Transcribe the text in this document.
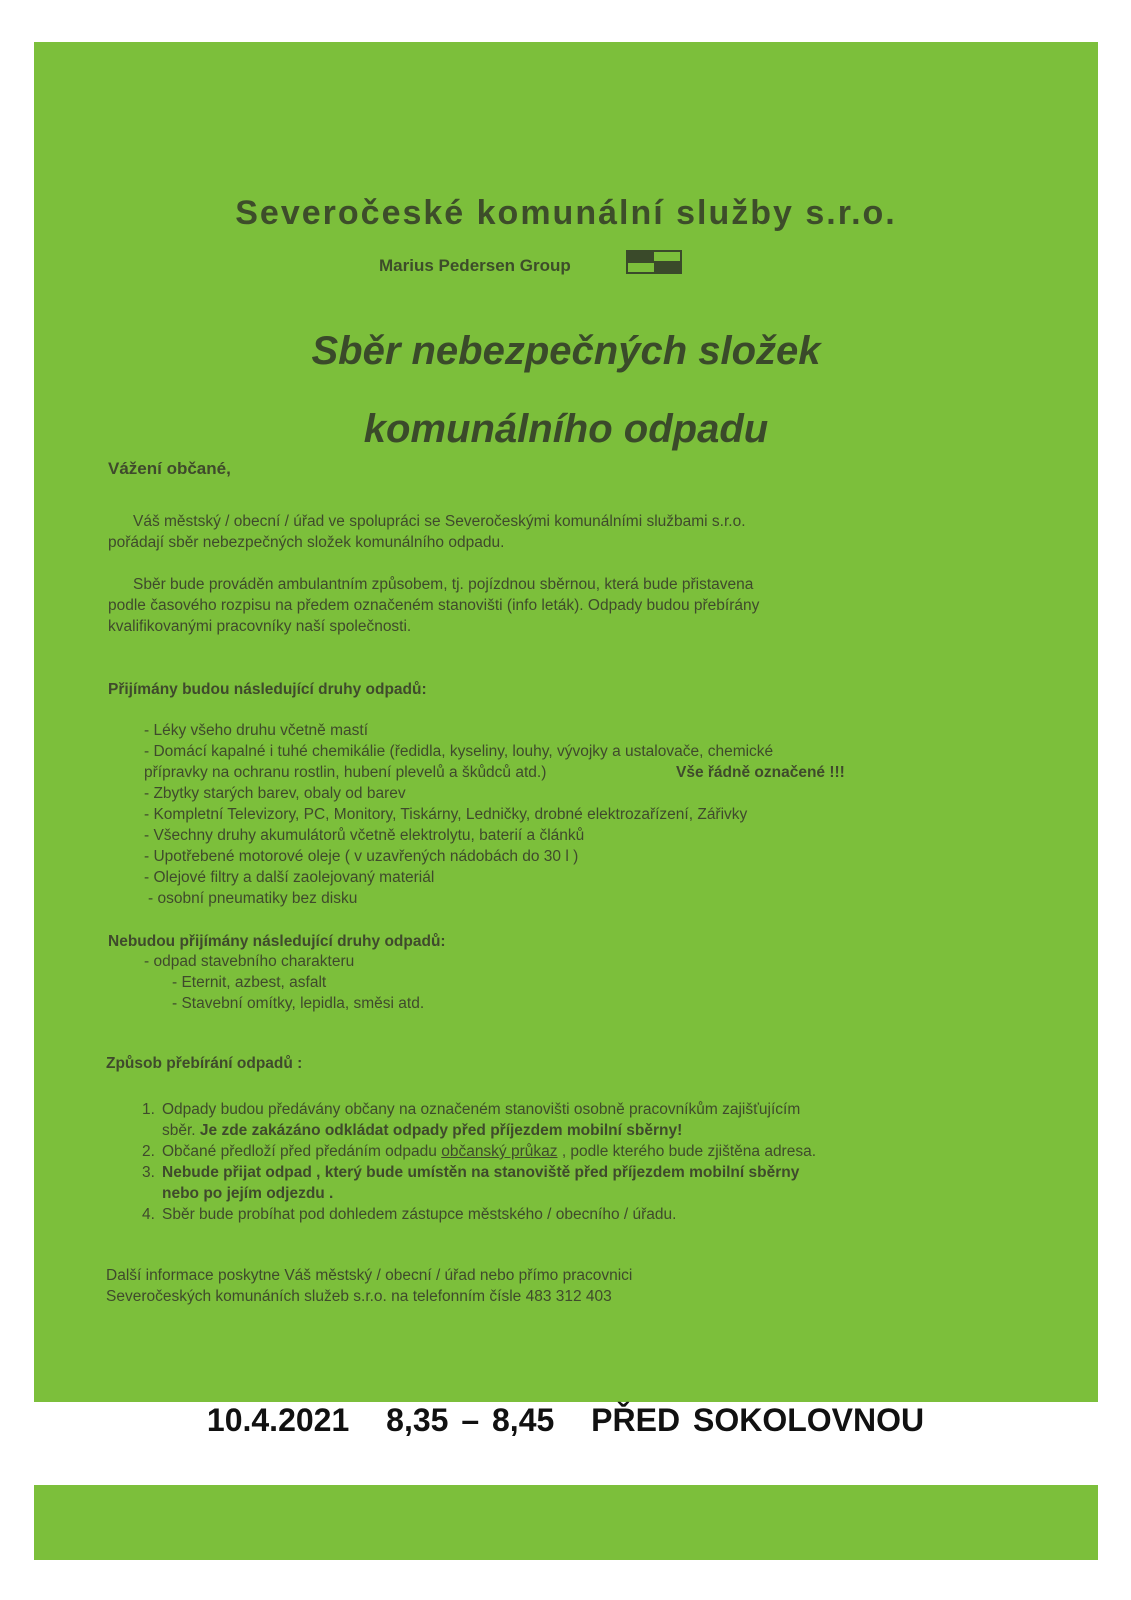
Severočeské komunální služby s.r.o.
Marius Pedersen Group
Sběr nebezpečných složek
komunálního odpadu
Vážení občané,
Váš městský / obecní / úřad ve spolupráci se Severočeskými komunálními službami s.r.o.
pořádají sběr nebezpečných složek komunálního odpadu.
Sběr bude prováděn ambulantním způsobem, tj. pojízdnou sběrnou, která bude přistavena
podle časového rozpisu na předem označeném stanovišti (info leták). Odpady budou přebírány
kvalifikovanými pracovníky naší společnosti.
Přijímány budou následující druhy odpadů:
- Léky všeho druhu včetně mastí
- Domácí kapalné i tuhé chemikálie (ředidla, kyseliny, louhy, vývojky a ustalovače, chemické
přípravky na ochranu rostlin, hubení plevelů a škůdců atd.)	Vše řádně označené !!!
- Zbytky starých barev, obaly od barev
- Kompletní Televizory, PC, Monitory, Tiskárny, Ledničky, drobné elektrozařízení, Zářivky
- Všechny druhy akumulátorů včetně elektrolytu, baterií a článků
- Upotřebené motorové oleje ( v uzavřených nádobách do 30 l )
- Olejové filtry a další zaolejovaný materiál
- osobní pneumatiky bez disku
Nebudou přijímány následující druhy odpadů:
- odpad stavebního charakteru
- Eternit, azbest, asfalt
- Stavební omítky, lepidla, směsi atd.
Způsob přebírání odpadů :
1. Odpady budou předávány občany na označeném stanovišti osobně pracovníkům zajišťujícím
sběr. Je zde zakázáno odkládat odpady před příjezdem mobilní sběrny!
2. Občané předloží před předáním odpadu občanský průkaz , podle kterého bude zjištěna adresa.
3. Nebude přijat odpad , který bude umístěn na stanoviště před příjezdem mobilní sběrny
nebo po jejím odjezdu .
4. Sběr bude probíhat pod dohledem zástupce městského / obecního / úřadu.
Další informace poskytne Váš městský / obecní / úřad nebo přímo pracovnici
Severočeských komunáních služeb s.r.o. na telefonním čísle 483 312 403
10.4.2021 8,35 – 8,45 PŘED SOKOLOVNOU
